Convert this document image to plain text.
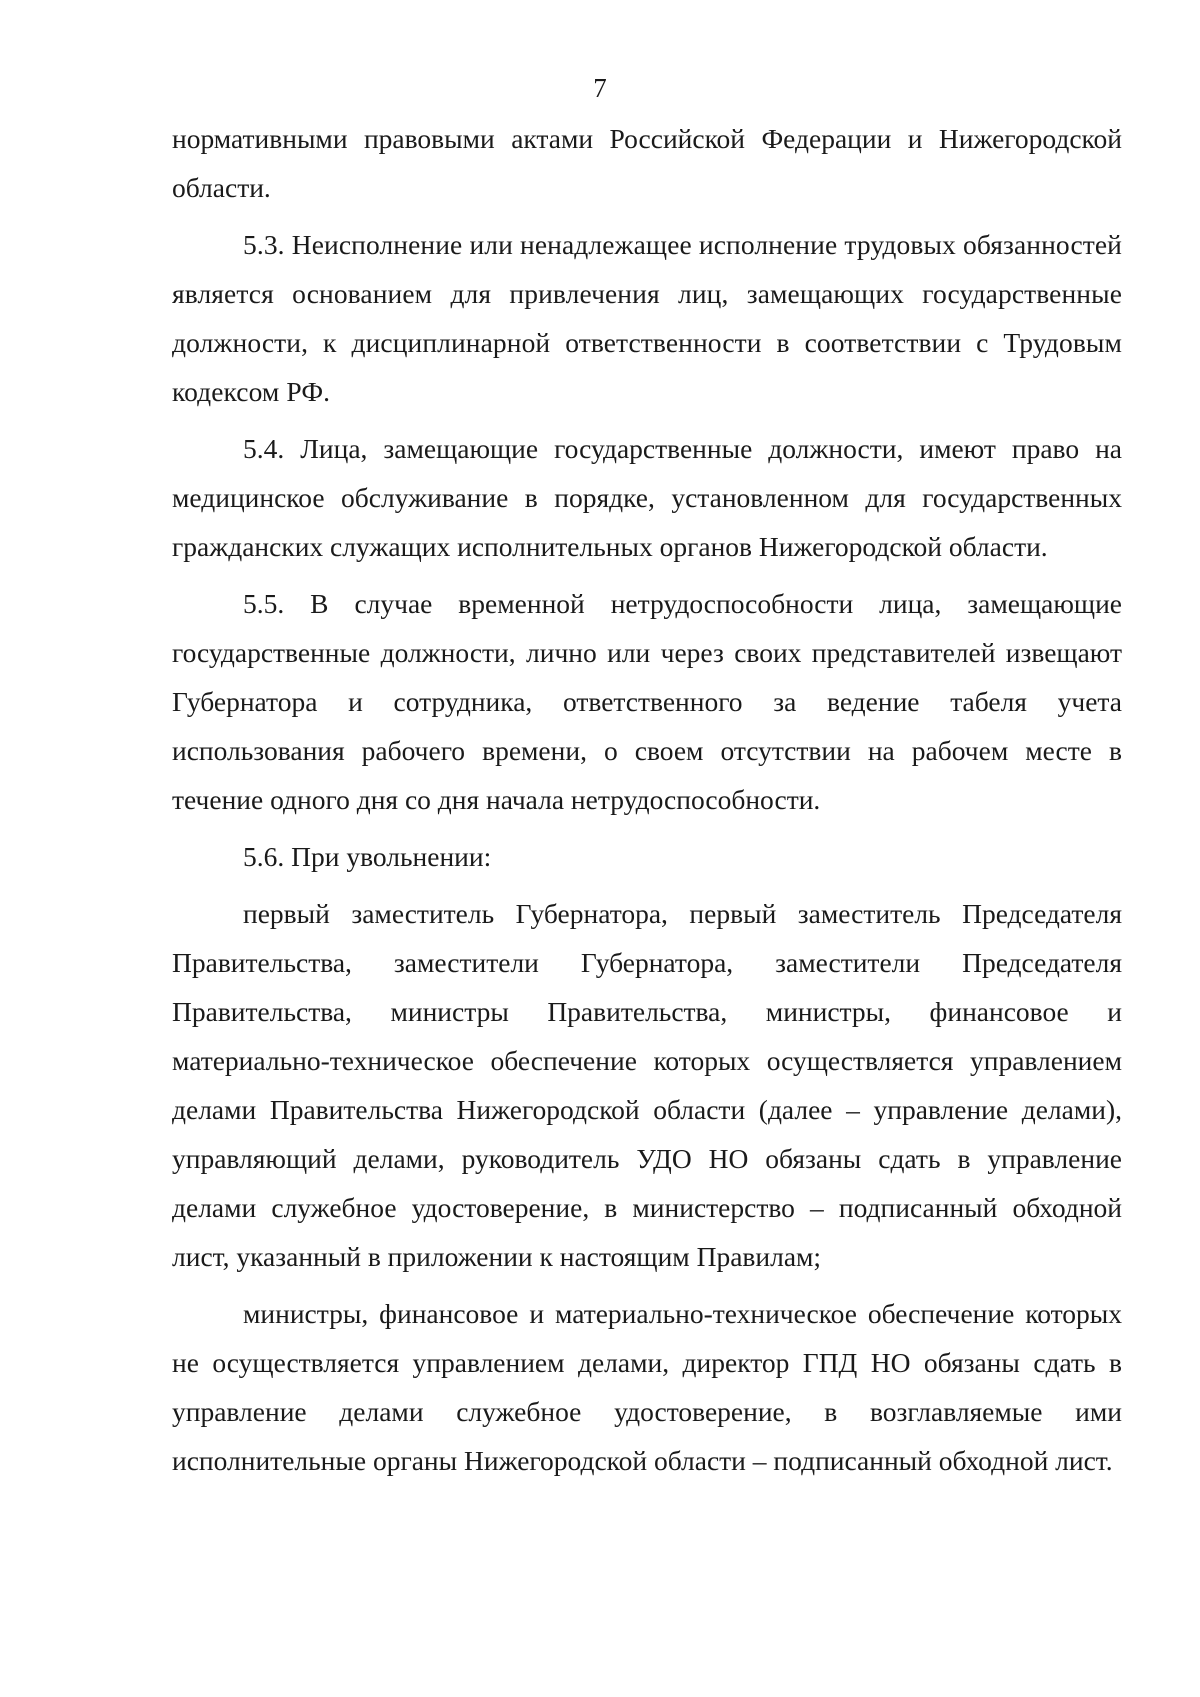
7

нормативными правовыми актами Российской Федерации и Нижегородской области.

5.3. Неисполнение или ненадлежащее исполнение трудовых обязанностей является основанием для привлечения лиц, замещающих государственные должности, к дисциплинарной ответственности в соответствии с Трудовым кодексом РФ.

5.4. Лица, замещающие государственные должности, имеют право на медицинское обслуживание в порядке, установленном для государственных гражданских служащих исполнительных органов Нижегородской области.

5.5. В случае временной нетрудоспособности лица, замещающие государственные должности, лично или через своих представителей извещают Губернатора и сотрудника, ответственного за ведение табеля учета использования рабочего времени, о своем отсутствии на рабочем месте в течение одного дня со дня начала нетрудоспособности.

5.6. При увольнении:

первый заместитель Губернатора, первый заместитель Председателя Правительства, заместители Губернатора, заместители Председателя Правительства, министры Правительства, министры, финансовое и материально-техническое обеспечение которых осуществляется управлением делами Правительства Нижегородской области (далее – управление делами), управляющий делами, руководитель УДО НО обязаны сдать в управление делами служебное удостоверение, в министерство – подписанный обходной лист, указанный в приложении к настоящим Правилам;

министры, финансовое и материально-техническое обеспечение которых не осуществляется управлением делами, директор ГПД НО обязаны сдать в управление делами служебное удостоверение, в возглавляемые ими исполнительные органы Нижегородской области – подписанный обходной лист.
